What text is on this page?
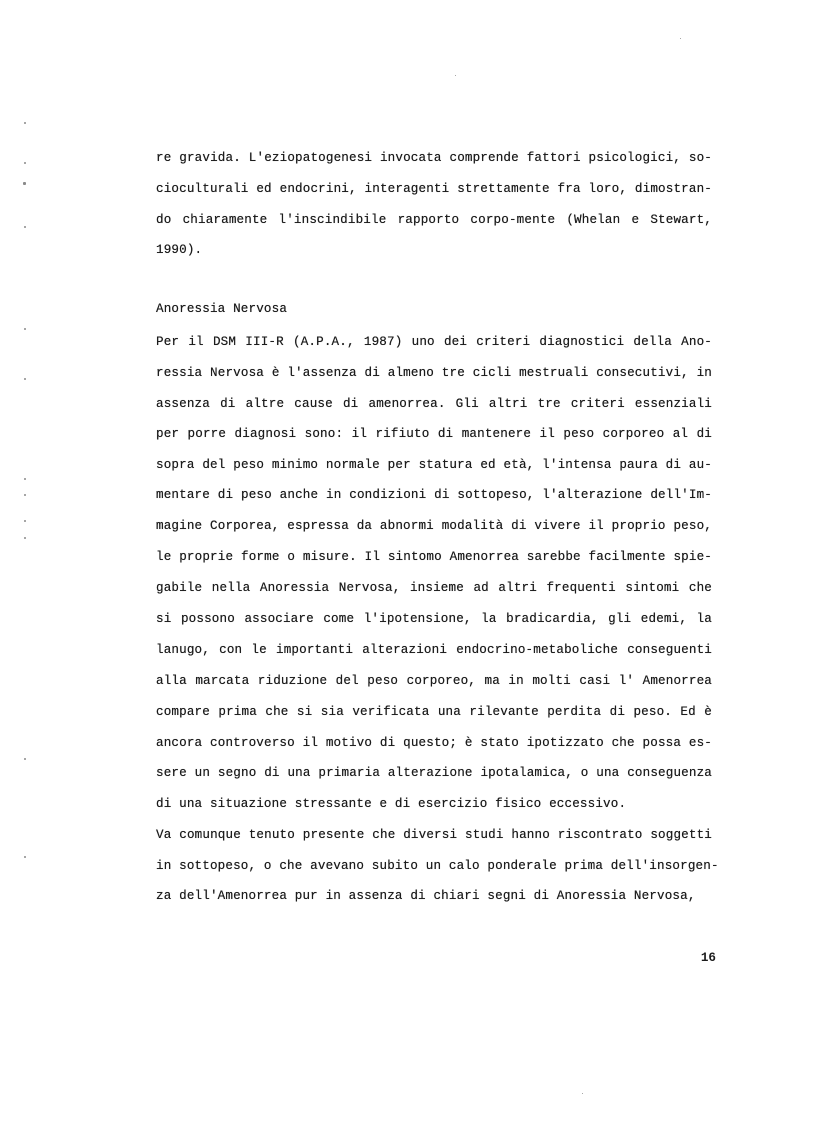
re gravida. L'eziopatogenesi invocata comprende fattori psicologici, so-
cioculturali ed endocrini, interagenti strettamente fra loro, dimostran-
do chiaramente l'inscindibile rapporto corpo-mente (Whelan e Stewart,
1990).
Anoressia Nervosa
Per il DSM III-R (A.P.A., 1987) uno dei criteri diagnostici della Ano-
ressia Nervosa è l'assenza di almeno tre cicli mestruali consecutivi, in
assenza di altre cause di amenorrea. Gli altri tre criteri essenziali
per porre diagnosi sono: il rifiuto di mantenere il peso corporeo al di
sopra del peso minimo normale per statura ed età, l'intensa paura di au-
mentare di peso anche in condizioni di sottopeso, l'alterazione dell'Im-
magine Corporea, espressa da abnormi modalità di vivere il proprio peso,
le proprie forme o misure. Il sintomo Amenorrea sarebbe facilmente spie-
gabile nella Anoressia Nervosa, insieme ad altri frequenti sintomi che
si possono associare come l'ipotensione, la bradicardia, gli edemi, la
lanugo, con le importanti alterazioni endocrino-metaboliche conseguenti
alla marcata riduzione del peso corporeo, ma in molti casi l' Amenorrea
compare prima che si sia verificata una rilevante perdita di peso. Ed è
ancora controverso il motivo di questo; è stato ipotizzato che possa es-
sere un segno di una primaria alterazione ipotalamica, o una conseguenza
di una situazione stressante e di esercizio fisico eccessivo.
Va comunque tenuto presente che diversi studi hanno riscontrato soggetti
in sottopeso, o che avevano subito un calo ponderale prima dell'insorgen-
za dell'Amenorrea pur in assenza di chiari segni di Anoressia Nervosa,
16
